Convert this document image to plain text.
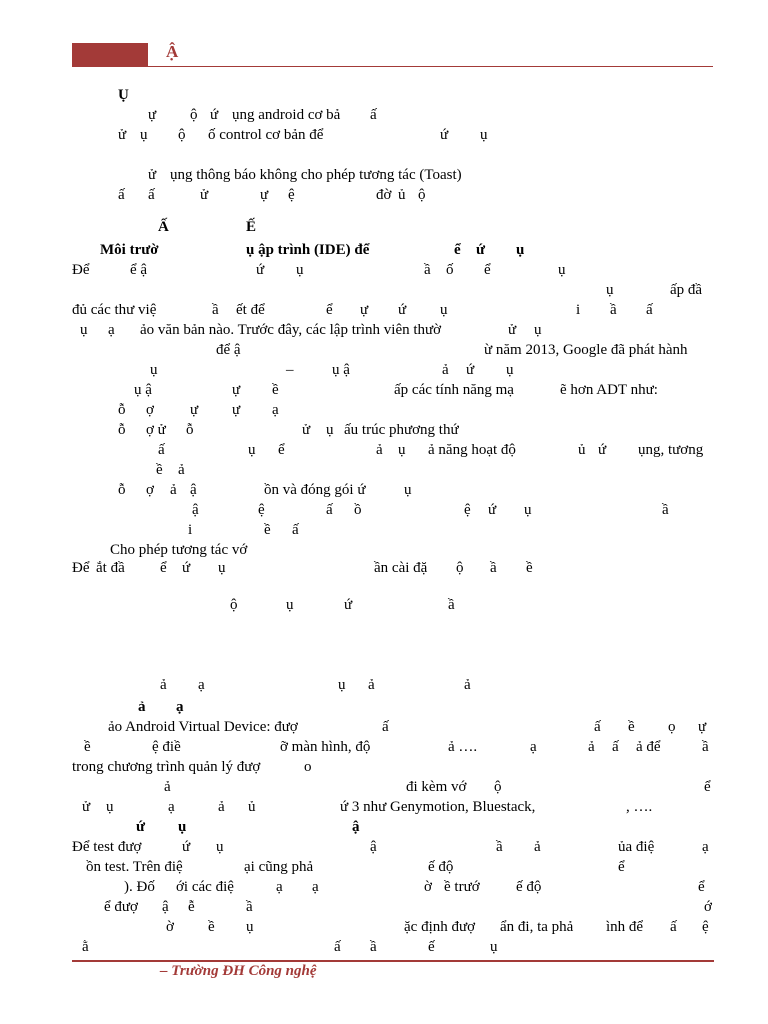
Ậ
Ụ
ự ộ ứ ụng android cơ bả ấ
ử ụ ộ ố control cơ bản để	ứ ụ
ử ụng thông báo không cho phép tương tác (Toast)
ấ ấ	ử	ự ệ	đờ ủ ộ
Ấ	Ế
Môi trườ	ụ ập trình (IDE) để	ể ứ ụ
Để	ể ậ	ứ ụ	ầ ố ể	ụ
ụ	ấp đầ
đủ các thư việ	ầ ết để	ể ự ứ ụ	i ầ ấ
ụ ạ ảo văn bản nào. Trước đây, các lập trình viên thườ	ử ụ
để ậ	ừ năm 2013, Google đã phát hành
ụ	–	ụ ậ	ả ứ ụ
ụ ậ	ự ề	ấp các tính năng mạ	ẽ hơn ADT như:
ỗ ợ ự ự ạ
ỗ ợ ử ỗ	ử ụ ấu trúc phương thứ
ấ	ụ ể	ả ụ ả năng hoạt độ	ủ ứ ụng, tương
ề ả
ỗ ợ ả ậ	ồn và đóng gói ứ	ụ
ậ	ệ	ấ ồ	ệ ứ ụ	ầ
i	ề ấ
Cho phép tương tác vớ
Để ắt đầ ể ứ ụ	ần cài đặ ộ ầ ề
ộ	ụ	ứ	ầ
ả ạ	ụ ả	ả
ả ạ
ảo Android Virtual Device: đượ	ấ	ấ ề ọ ự
ề	ệ điề	ỡ màn hình, độ	ả ….	ạ	ả ấ ả để	ầ
trong chương trình quản lý đượ	o
ả	đi kèm vớ ộ	ể
ử ụ	ạ	ả ủ	ứ 3 như Genymotion, Bluestack,	, ….
ứ ụ	ậ
Để test đượ	ứ ụ	ậ	ầ ả	ủa điệ	ạ
ồn test. Trên điệ	ại cũng phả	ế độ	ể
). Đố ới các điệ	ạ ạ	ờ ề trướ ế độ	ể
ể đượ ậ ễ	ầ	ớ
ờ ề ụ	ặc định đượ ẩn đi, ta phả ình để ấ ệ
ằ	ấ ầ	ế	ụ
– Trường ĐH Công nghệ
